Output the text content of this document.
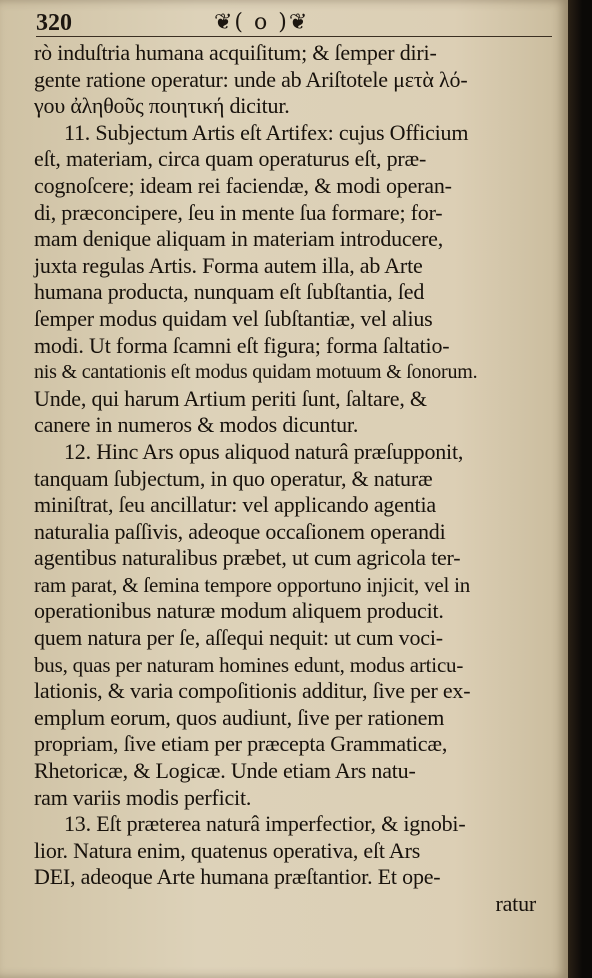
320	❦( o )❦
rò induſtria humana acquiſitum; & ſemper diri-
gente ratione operatur: unde ab Ariſtotele μετὰ λό-
γου ἀληθοῦς ποιητική dicitur.
11. Subjectum Artis eſt Artifex: cujus Officium
eſt, materiam, circa quam operaturus eſt, præ-
cognoſcere; ideam rei faciendæ, & modi operan-
di, præconcipere, ſeu in mente ſua formare; for-
mam denique aliquam in materiam introducere,
juxta regulas Artis. Forma autem illa, ab Arte
humana producta, nunquam eſt ſubſtantia, ſed
ſemper modus quidam vel ſubſtantiæ, vel alius
modi. Ut forma ſcamni eſt figura; forma ſaltatio-
nis & cantationis eſt modus quidam motuum & ſonorum.
Unde, qui harum Artium periti ſunt, ſaltare, &
canere in numeros & modos dicuntur.
12. Hinc Ars opus aliquod naturâ præſupponit,
tanquam ſubjectum, in quo operatur, & naturæ
miniſtrat, ſeu ancillatur: vel applicando agentia
naturalia paſſivis, adeoque occaſionem operandi
agentibus naturalibus præbet, ut cum agricola ter-
ram parat, & ſemina tempore opportuno injicit, vel in
operationibus naturæ modum aliquem producit.
quem natura per ſe, aſſequi nequit: ut cum voci-
bus, quas per naturam homines edunt, modus articu-
lationis, & varia compoſitionis additur, ſive per ex-
emplum eorum, quos audiunt, ſive per rationem
propriam, ſive etiam per præcepta Grammaticæ,
Rhetoricæ, & Logicæ. Unde etiam Ars natu-
ram variis modis perficit.
13. Eſt præterea naturâ imperfectior, & ignobi-
lior. Natura enim, quatenus operativa, eſt Ars
DEI, adeoque Arte humana præſtantior. Et ope-
ratur
